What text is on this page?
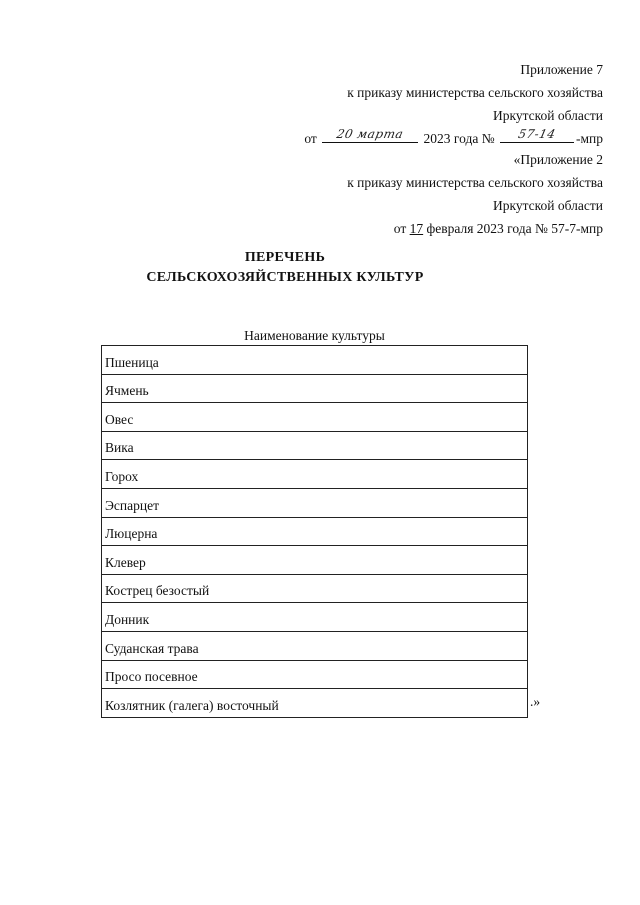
Приложение 7
к приказу министерства сельского хозяйства
Иркутской области
от	20 марта	2023 года №	57-14	-мпр
«Приложение 2
к приказу министерства сельского хозяйства
Иркутской области
от 17 февраля 2023 года № 57-7-мпр
ПЕРЕЧЕНЬ
СЕЛЬСКОХОЗЯЙСТВЕННЫХ КУЛЬТУР
Наименование культуры
Пшеница
Ячмень
Овес
Вика
Горох
Эспарцет
Люцерна
Клевер
Кострец безостый
Донник
Суданская трава
Просо посевное
Козлятник (галега) восточный	.»
